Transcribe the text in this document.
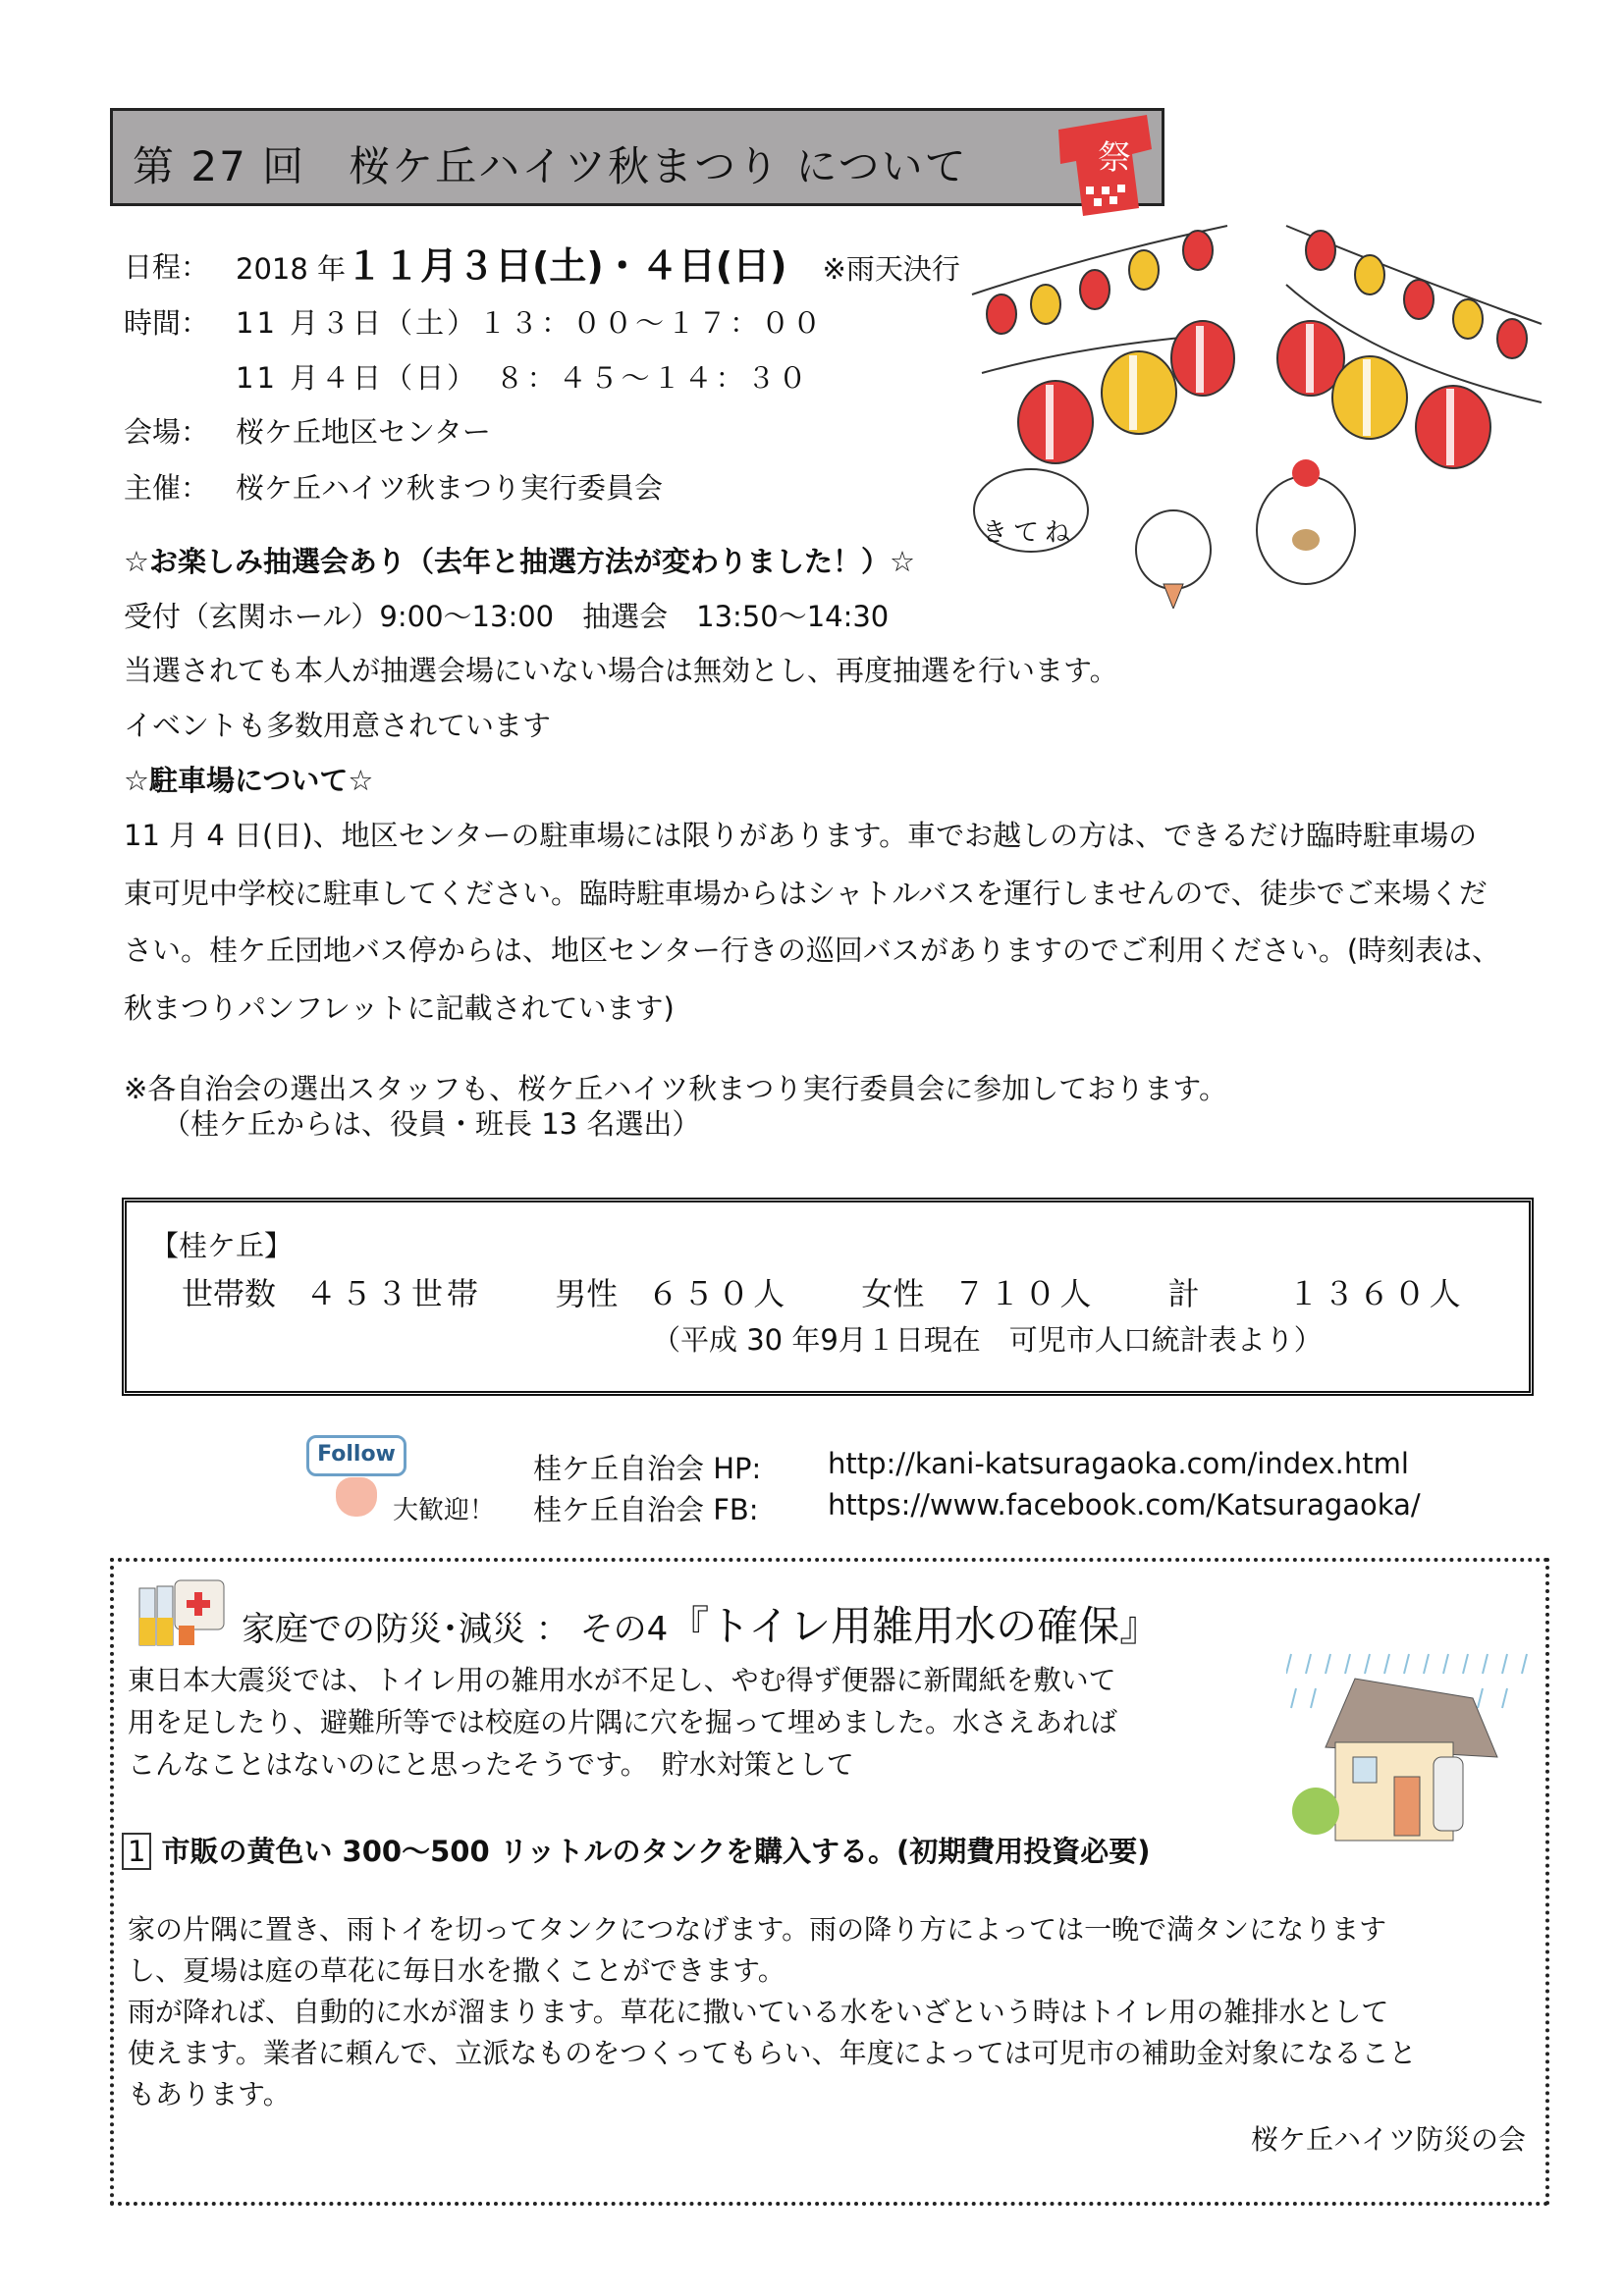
第 27 回　桜ケ丘ハイツ秋まつり について	祭
日程： 2018 年１１月３日(土)・４日(日) ※雨天決行
時間： 11 月３日（土）１３：００～１７：００
11 月４日（日）　８：４５～１４：３０
会場： 桜ケ丘地区センター
主催： 桜ケ丘ハイツ秋まつり実行委員会
きてね
☆お楽しみ抽選会あり（去年と抽選方法が変わりました！）☆
受付（玄関ホール）9:00～13:00　抽選会　13:50～14:30
当選されても本人が抽選会場にいない場合は無効とし、再度抽選を行います。
イベントも多数用意されています
☆駐車場について☆
11 月 4 日(日)、地区センターの駐車場には限りがあります。車でお越しの方は、できるだけ臨時駐車場の
東可児中学校に駐車してください。臨時駐車場からはシャトルバスを運行しませんので、徒歩でご来場くだ
さい。桂ケ丘団地バス停からは、地区センター行きの巡回バスがありますのでご利用ください。(時刻表は、
秋まつりパンフレットに記載されています)
※各自治会の選出スタッフも、桜ケ丘ハイツ秋まつり実行委員会に参加しております。
（桂ケ丘からは、役員・班長 13 名選出）
【桂ケ丘】
世帯数 ４５３世帯 男性 ６５０人 女性 ７１０人 計	１３６０人
（平成 30 年9月１日現在　可児市人口統計表より）
Follow
大歓迎！
桂ケ丘自治会 HP: http://kani-katsuragaoka.com/index.html
桂ケ丘自治会 FB: https://www.facebook.com/Katsuragaoka/
家庭での防災･減災 ： その4『トイレ用雑用水の確保』
東日本大震災では、トイレ用の雑用水が不足し、やむ得ず便器に新聞紙を敷いて
用を足したり、避難所等では校庭の片隅に穴を掘って埋めました。水さえあれば
こんなことはないのにと思ったそうです。　貯水対策として
1 市販の黄色い 300～500 リットルのタンクを購入する。(初期費用投資必要)
家の片隅に置き、雨トイを切ってタンクにつなげます。雨の降り方によっては一晩で満タンになります
し、夏場は庭の草花に毎日水を撒くことができます。
雨が降れば、自動的に水が溜まります。草花に撒いている水をいざという時はトイレ用の雑排水として
使えます。業者に頼んで、立派なものをつくってもらい、年度によっては可児市の補助金対象になること
もあります。
桜ケ丘ハイツ防災の会
